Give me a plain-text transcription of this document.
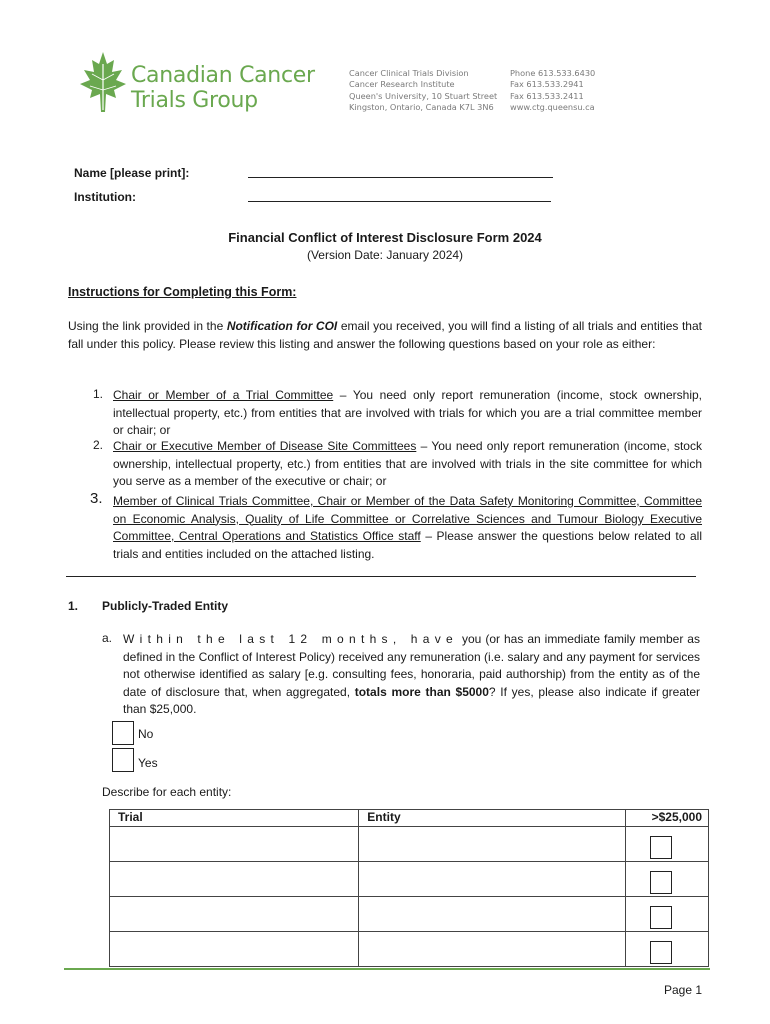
Canadian Cancer
Trials Group
Cancer Clinical Trials Division
Cancer Research Institute
Queen's University, 10 Stuart Street
Kingston, Ontario, Canada K7L 3N6
Phone 613.533.6430
Fax 613.533.2941
Fax 613.533.2411
www.ctg.queensu.ca
Name [please print]:
Institution:
Financial Conflict of Interest Disclosure Form 2024
(Version Date: January 2024)
Instructions for Completing this Form:
Using the link provided in the Notification for COI email you received, you will find a listing of all trials and entities that fall under this policy. Please review this listing and answer the following questions based on your role as either:
1. Chair or Member of a Trial Committee – You need only report remuneration (income, stock ownership, intellectual property, etc.) from entities that are involved with trials for which you are a trial committee member or chair; or
2. Chair or Executive Member of Disease Site Committees – You need only report remuneration (income, stock ownership, intellectual property, etc.) from entities that are involved with trials in the site committee for which you serve as a member of the executive or chair; or
3. Member of Clinical Trials Committee, Chair or Member of the Data Safety Monitoring Committee, Committee on Economic Analysis, Quality of Life Committee or Correlative Sciences and Tumour Biology Executive Committee, Central Operations and Statistics Office staff – Please answer the questions below related to all trials and entities included on the attached listing.
1. Publicly-Traded Entity
a. Within the last 12 months, have you (or has an immediate family member as defined in the Conflict of Interest Policy) received any remuneration (i.e. salary and any payment for services not otherwise identified as salary [e.g. consulting fees, honoraria, paid authorship) from the entity as of the date of disclosure that, when aggregated, totals more than $5000? If yes, please also indicate if greater than $25,000.
No
Yes
Describe for each entity:
Trial	Entity	>$25,000

Page 1
